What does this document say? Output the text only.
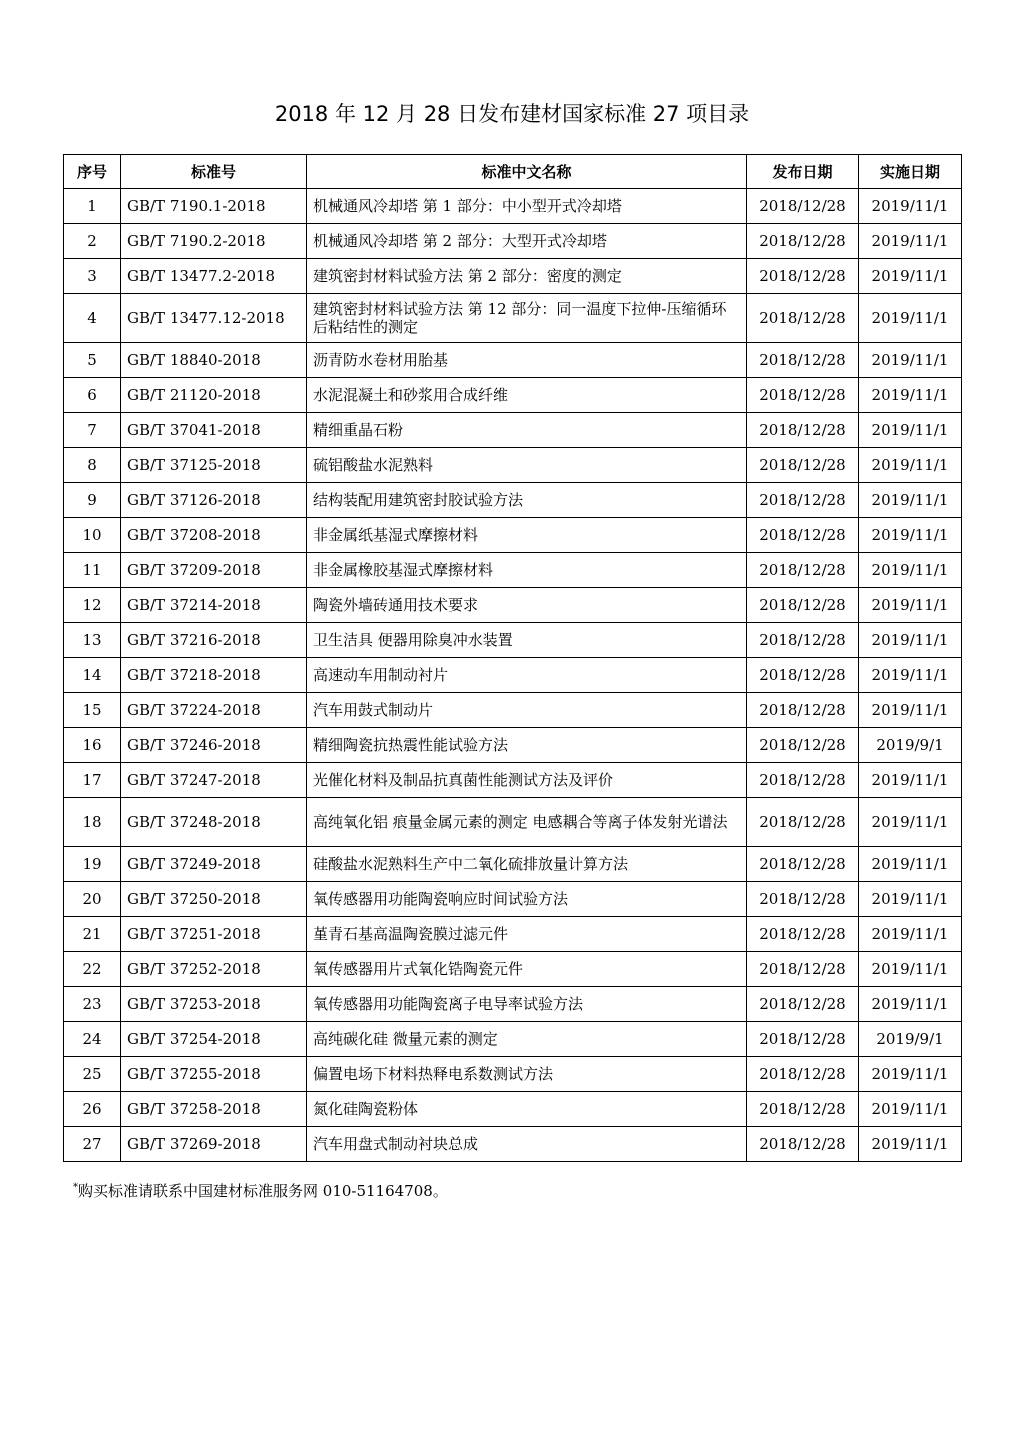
2018 年 12 月 28 日发布建材国家标准 27 项目录
序号	标准号	标准中文名称	发布日期	实施日期
1	GB/T 7190.1-2018	机械通风冷却塔 第 1 部分：中小型开式冷却塔	2018/12/28	2019/11/1
2	GB/T 7190.2-2018	机械通风冷却塔 第 2 部分：大型开式冷却塔	2018/12/28	2019/11/1
3	GB/T 13477.2-2018	建筑密封材料试验方法 第 2 部分：密度的测定	2018/12/28	2019/11/1
4	GB/T 13477.12-2018	建筑密封材料试验方法 第 12 部分：同一温度下拉伸-压缩循环后粘结性的测定	2018/12/28	2019/11/1
5	GB/T 18840-2018	沥青防水卷材用胎基	2018/12/28	2019/11/1
6	GB/T 21120-2018	水泥混凝土和砂浆用合成纤维	2018/12/28	2019/11/1
7	GB/T 37041-2018	精细重晶石粉	2018/12/28	2019/11/1
8	GB/T 37125-2018	硫铝酸盐水泥熟料	2018/12/28	2019/11/1
9	GB/T 37126-2018	结构装配用建筑密封胶试验方法	2018/12/28	2019/11/1
10	GB/T 37208-2018	非金属纸基湿式摩擦材料	2018/12/28	2019/11/1
11	GB/T 37209-2018	非金属橡胶基湿式摩擦材料	2018/12/28	2019/11/1
12	GB/T 37214-2018	陶瓷外墙砖通用技术要求	2018/12/28	2019/11/1
13	GB/T 37216-2018	卫生洁具 便器用除臭冲水装置	2018/12/28	2019/11/1
14	GB/T 37218-2018	高速动车用制动衬片	2018/12/28	2019/11/1
15	GB/T 37224-2018	汽车用鼓式制动片	2018/12/28	2019/11/1
16	GB/T 37246-2018	精细陶瓷抗热震性能试验方法	2018/12/28	2019/9/1
17	GB/T 37247-2018	光催化材料及制品抗真菌性能测试方法及评价	2018/12/28	2019/11/1
18	GB/T 37248-2018	高纯氧化铝 痕量金属元素的测定 电感耦合等离子体发射光谱法	2018/12/28	2019/11/1
19	GB/T 37249-2018	硅酸盐水泥熟料生产中二氧化硫排放量计算方法	2018/12/28	2019/11/1
20	GB/T 37250-2018	氧传感器用功能陶瓷响应时间试验方法	2018/12/28	2019/11/1
21	GB/T 37251-2018	堇青石基高温陶瓷膜过滤元件	2018/12/28	2019/11/1
22	GB/T 37252-2018	氧传感器用片式氧化锆陶瓷元件	2018/12/28	2019/11/1
23	GB/T 37253-2018	氧传感器用功能陶瓷离子电导率试验方法	2018/12/28	2019/11/1
24	GB/T 37254-2018	高纯碳化硅 微量元素的测定	2018/12/28	2019/9/1
25	GB/T 37255-2018	偏置电场下材料热释电系数测试方法	2018/12/28	2019/11/1
26	GB/T 37258-2018	氮化硅陶瓷粉体	2018/12/28	2019/11/1
27	GB/T 37269-2018	汽车用盘式制动衬块总成	2018/12/28	2019/11/1
*购买标准请联系中国建材标准服务网 010-51164708。
